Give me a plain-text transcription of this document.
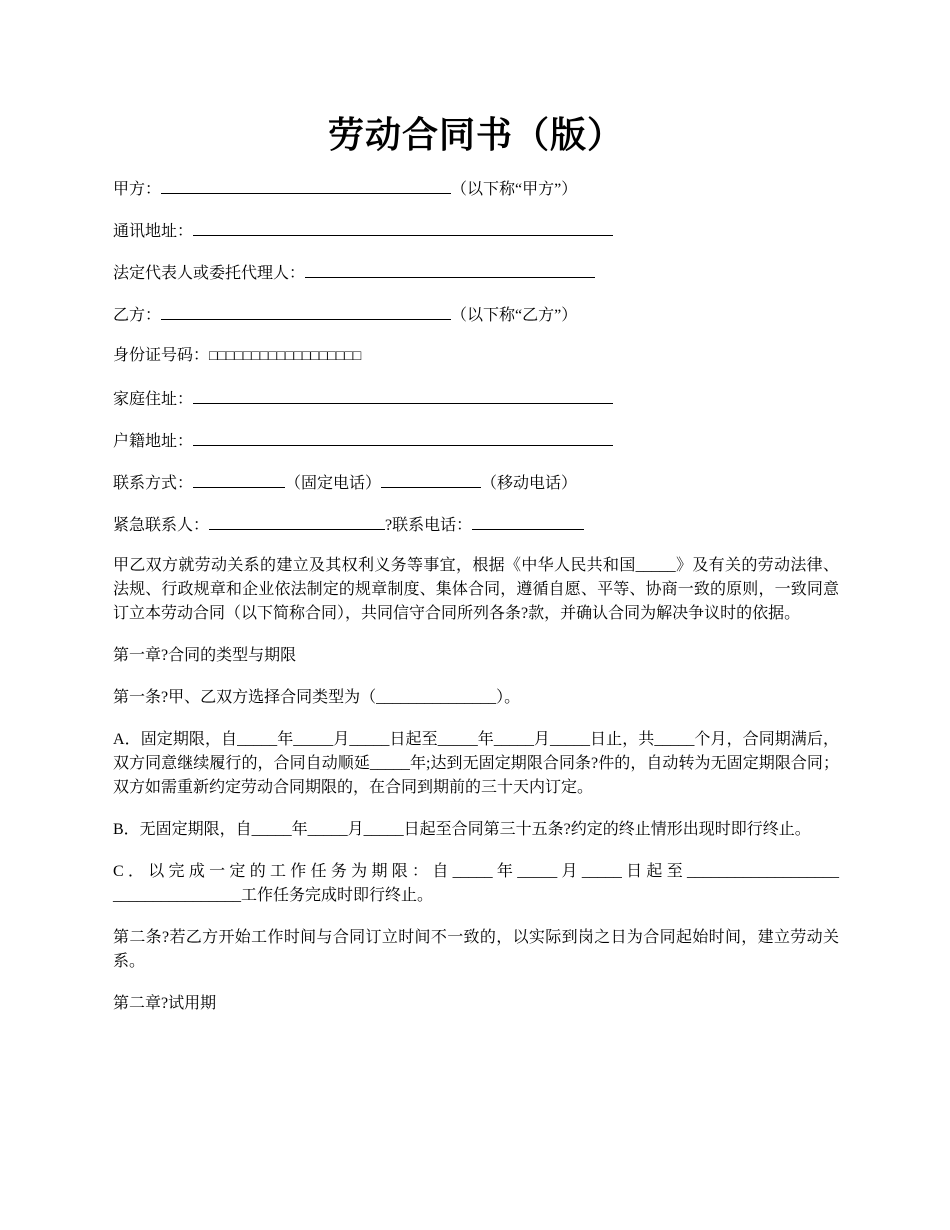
劳动合同书（版）
甲方：	（以下称“甲方”）
通讯地址：
法定代表人或委托代理人：
乙方：	（以下称“乙方”）
身份证号码：□□□□□□□□□□□□□□□□□□
家庭住址：
户籍地址：
联系方式：	（固定电话）	（移动电话）
紧急联系人：	?联系电话：
甲乙双方就劳动关系的建立及其权利义务等事宜，根据《中华人民共和国_____》及有关的劳动法律、法规、行政规章和企业依法制定的规章制度、集体合同，遵循自愿、平等、协商一致的原则，一致同意订立本劳动合同（以下简称合同），共同信守合同所列各条?款，并确认合同为解决争议时的依据。
第一章?合同的类型与期限
第一条?甲、乙双方选择合同类型为（_______________）。
A．固定期限，自_____年_____月_____日起至_____年_____月_____日止，共_____个月，合同期满后，双方同意继续履行的，合同自动顺延_____年;达到无固定期限合同条?件的，自动转为无固定期限合同；双方如需重新约定劳动合同期限的，在合同到期前的三十天内订定。
B．无固定期限，自_____年_____月_____日起至合同第三十五条?约定的终止情形出现时即行终止。
C．以完成一定的工作任务为期限：自_____年_____月_____日起至___________________ ________________工作任务完成时即行终止。
第二条?若乙方开始工作时间与合同订立时间不一致的，以实际到岗之日为合同起始时间，建立劳动关系。
第二章?试用期
